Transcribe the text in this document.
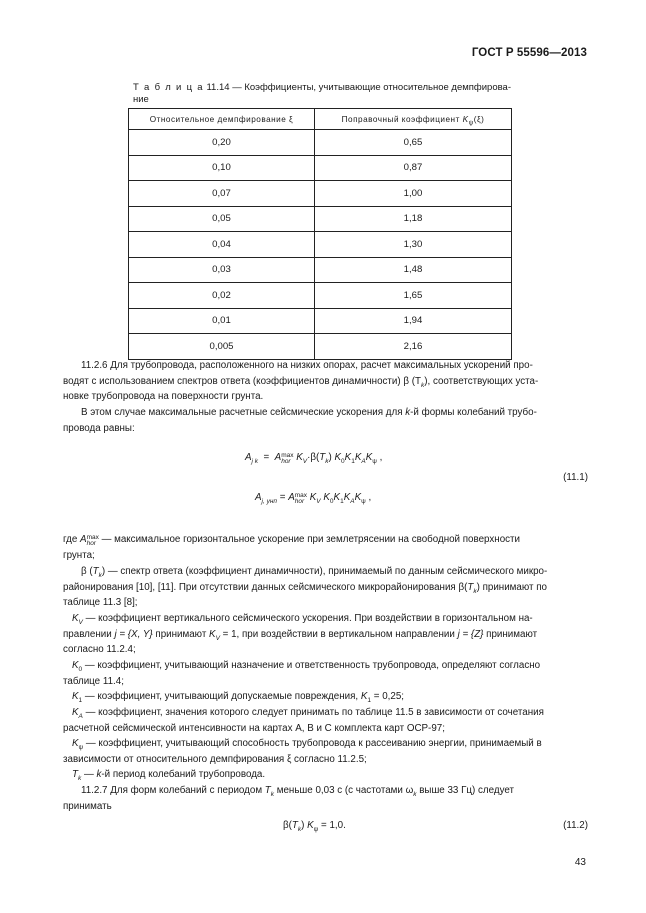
ГОСТ Р 55596—2013
Т а б л и ц а 11.14 — Коэффициенты, учитывающие относительное демпфирова-
ние
Относительное демпфирование ξ	Поправочный коэффициент $K_\psi(\xi)$
0,20	0,65
0,10	0,87
0,07	1,00
0,05	1,18
0,04	1,30
0,03	1,48
0,02	1,65
0,01	1,94
0,005	2,16
11.2.6 Для трубопровода, расположенного на низких опорах, расчет максимальных ускорений про-
водят с использованием спектров ответа (коэффициентов динамичности) β $(T_k)$, соответствующих уста-
новке трубопровода на поверхности грунта.
В этом случае максимальные расчетные сейсмические ускорения для k-й формы колебаний трубо-
провода равны:
$A_{j k} = Amax$
hor $K_V\cdot\beta(T_k)$ $K_0K_1K_AK_\psi$ ,
(11.1)
$A_{j, унп} = Amax$
hor $K_V$ $K_0K_1K_AK_\psi$ ,
где Amax
hor — максимальное горизонтальное ускорение при землетрясении на свободной поверхности
грунта;
β $(T_k)$ — спектр ответа (коэффициент динамичности), принимаемый по данным сейсмического микро-
районирования [10], [11]. При отсутствии данных сейсмического микрорайонирования $\beta(T_k)$ принимают по
таблице 11.3 [8];
$K_V$ — коэффициент вертикального сейсмического ускорения. При воздействии в горизонтальном на-
правлении j = {X, Y} принимают $K_V = 1$, при воздействии в вертикальном направлении j = {Z} принимают
согласно 11.2.4;
$K_0$ — коэффициент, учитывающий назначение и ответственность трубопровода, определяют согласно
таблице 11.4;
$K_1$ — коэффициент, учитывающий допускаемые повреждения, $K_1 = 0,25$;
$K_A$ — коэффициент, значения которого следует принимать по таблице 11.5 в зависимости от сочетания
расчетной сейсмической интенсивности на картах А, В и С комплекта карт ОСР-97;
$K_\psi$ — коэффициент, учитывающий способность трубопровода к рассеиванию энергии, принимаемый в
зависимости от относительного демпфирования ξ согласно 11.2.5;
$T_k$ — k-й период колебаний трубопровода.
11.2.7 Для форм колебаний с периодом $T_k$ меньше 0,03 с (с частотами $\omega_k$ выше 33 Гц) следует
принимать
$\beta(T_k) K_\psi = 1,0$.	(11.2)
43
